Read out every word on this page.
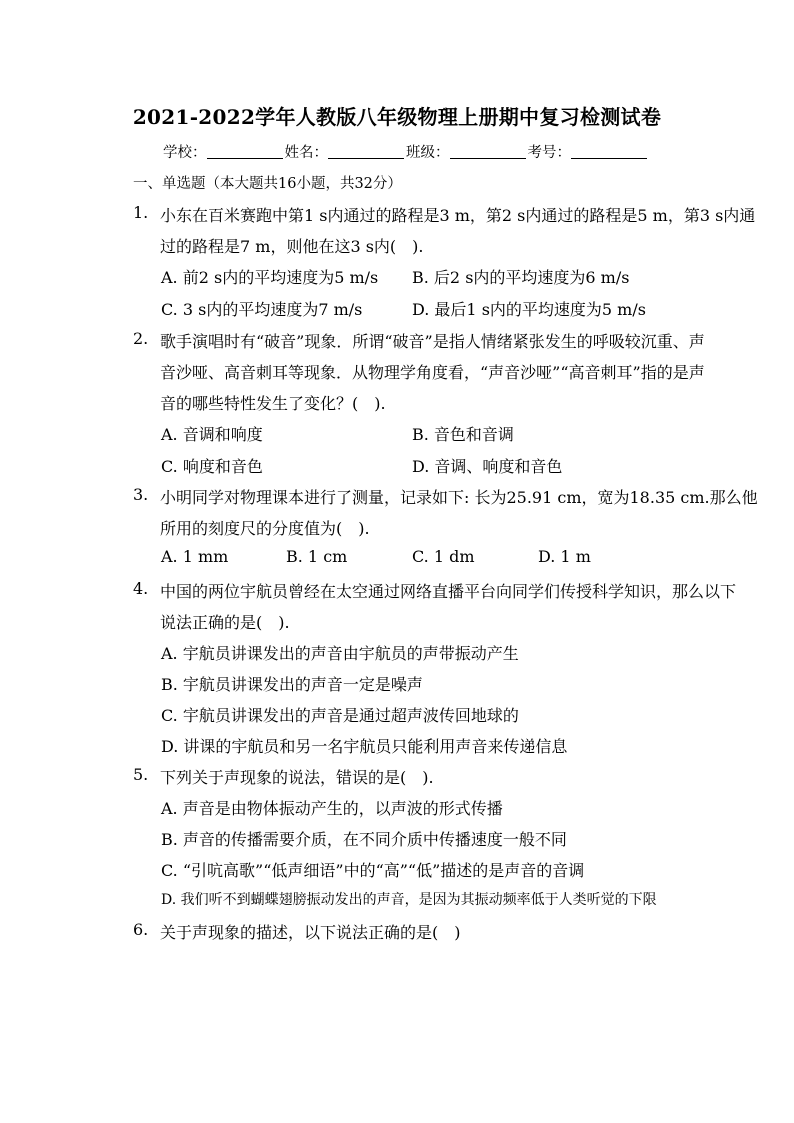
2021-2022学年人教版八年级物理上册期中复习检测试卷
学校：	姓名：	班级：	考号：
一、单选题（本大题共16小题，共32分）
1. 小东在百米赛跑中第1 s内通过的路程是3 m，第2 s内通过的路程是5 m，第3 s内通
过的路程是7 m，则他在这3 s内(　).
A. 前2 s内的平均速度为5 m/s B. 后2 s内的平均速度为6 m/s
C. 3 s内的平均速度为7 m/s	D. 最后1 s内的平均速度为5 m/s
2. 歌手演唱时有“破音”现象．所谓“破音”是指人情绪紧张发生的呼吸较沉重、声
音沙哑、高音刺耳等现象．从物理学角度看，“声音沙哑”“高音刺耳”指的是声
音的哪些特性发生了变化？(　).
A. 音调和响度	B. 音色和音调
C. 响度和音色	D. 音调、响度和音色
3. 小明同学对物理课本进行了测量，记录如下: 长为25.91 cm，宽为18.35 cm.那么他
所用的刻度尺的分度值为(　).
A. 1 mm	B. 1 cm	C. 1 dm	D. 1 m
4. 中国的两位宇航员曾经在太空通过网络直播平台向同学们传授科学知识，那么以下
说法正确的是(　).
A. 宇航员讲课发出的声音由宇航员的声带振动产生
B. 宇航员讲课发出的声音一定是噪声
C. 宇航员讲课发出的声音是通过超声波传回地球的
D. 讲课的宇航员和另一名宇航员只能利用声音来传递信息
5. 下列关于声现象的说法，错误的是(　).
A. 声音是由物体振动产生的，以声波的形式传播
B. 声音的传播需要介质，在不同介质中传播速度一般不同
C. “引吭高歌”“低声细语”中的“高”“低”描述的是声音的音调
D. 我们听不到蝴蝶翅膀振动发出的声音，是因为其振动频率低于人类听觉的下限
6. 关于声现象的描述，以下说法正确的是(　)
